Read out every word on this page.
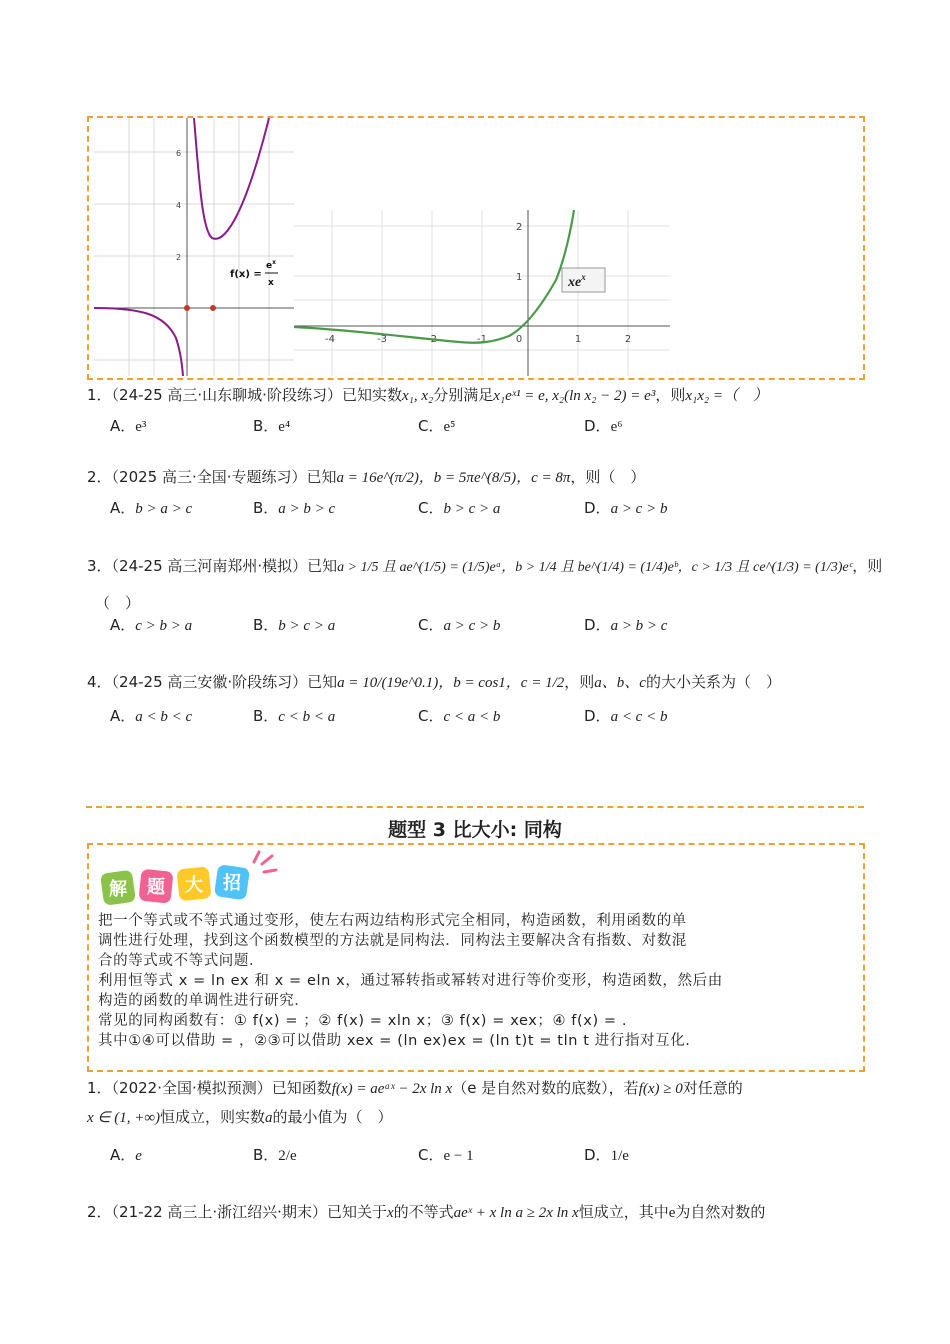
6
4
2
f(x) =
$e^x$
x
-4	-3	-2	-1	0	1	2
2
1	$xe^x$
1．（24-25 高三·山东聊城·阶段练习）已知实数x₁, x₂分别满足x₁eˣ¹ = e, x₂(ln x₂ − 2) = e³，则x₁x₂ =（　）
A．e³	B．e⁴	C．e⁵	D．e⁶
2．（2025 高三·全国·专题练习）已知a = 16e^(π/2)，b = 5πe^(8/5)，c = 8π，则（　）
A．b > a > c	B．a > b > c	C．b > c > a	D．a > c > b
3．（24-25 高三河南郑州·模拟）已知a > 1/5 且 ae^(1/5) = (1/5)eᵃ，b > 1/4 且 be^(1/4) = (1/4)eᵇ，c > 1/3 且 ce^(1/3) = (1/3)eᶜ，则
（　）
A．c > b > a	B．b > c > a	C．a > c > b	D．a > b > c
4．（24-25 高三安徽·阶段练习）已知a = 10/(19e^0.1)，b = cos1，c = 1/2，则a、b、c的大小关系为（　）
A．a < b < c	B．c < b < a	C．c < a < b	D．a < c < b
题型 3 比大小: 同构
解 题 大 招
把一个等式或不等式通过变形，使左右两边结构形式完全相同，构造函数，利用函数的单
调性进行处理，找到这个函数模型的方法就是同构法．同构法主要解决含有指数、对数混
合的等式或不等式问题．
利用恒等式 x = ln ex 和 x = eln x，通过幂转指或幂转对进行等价变形，构造函数，然后由
构造的函数的单调性进行研究．
常见的同构函数有：① f(x) = ；② f(x) = xln x；③ f(x) = xex；④ f(x) = .
其中①④可以借助 = ，②③可以借助 xex = (ln ex)ex = (ln t)t = tln t 进行指对互化．
1．（2022·全国·模拟预测）已知函数f(x) = aeᵃˣ − 2x ln x（e 是自然对数的底数），若f(x) ≥ 0对任意的
x ∈ (1, +∞)恒成立，则实数a的最小值为（　）
A．e	B．2/e	C．e − 1	D．1/e
2．（21-22 高三上·浙江绍兴·期末）已知关于x的不等式aeˣ + x ln a ≥ 2x ln x恒成立，其中e为自然对数的
